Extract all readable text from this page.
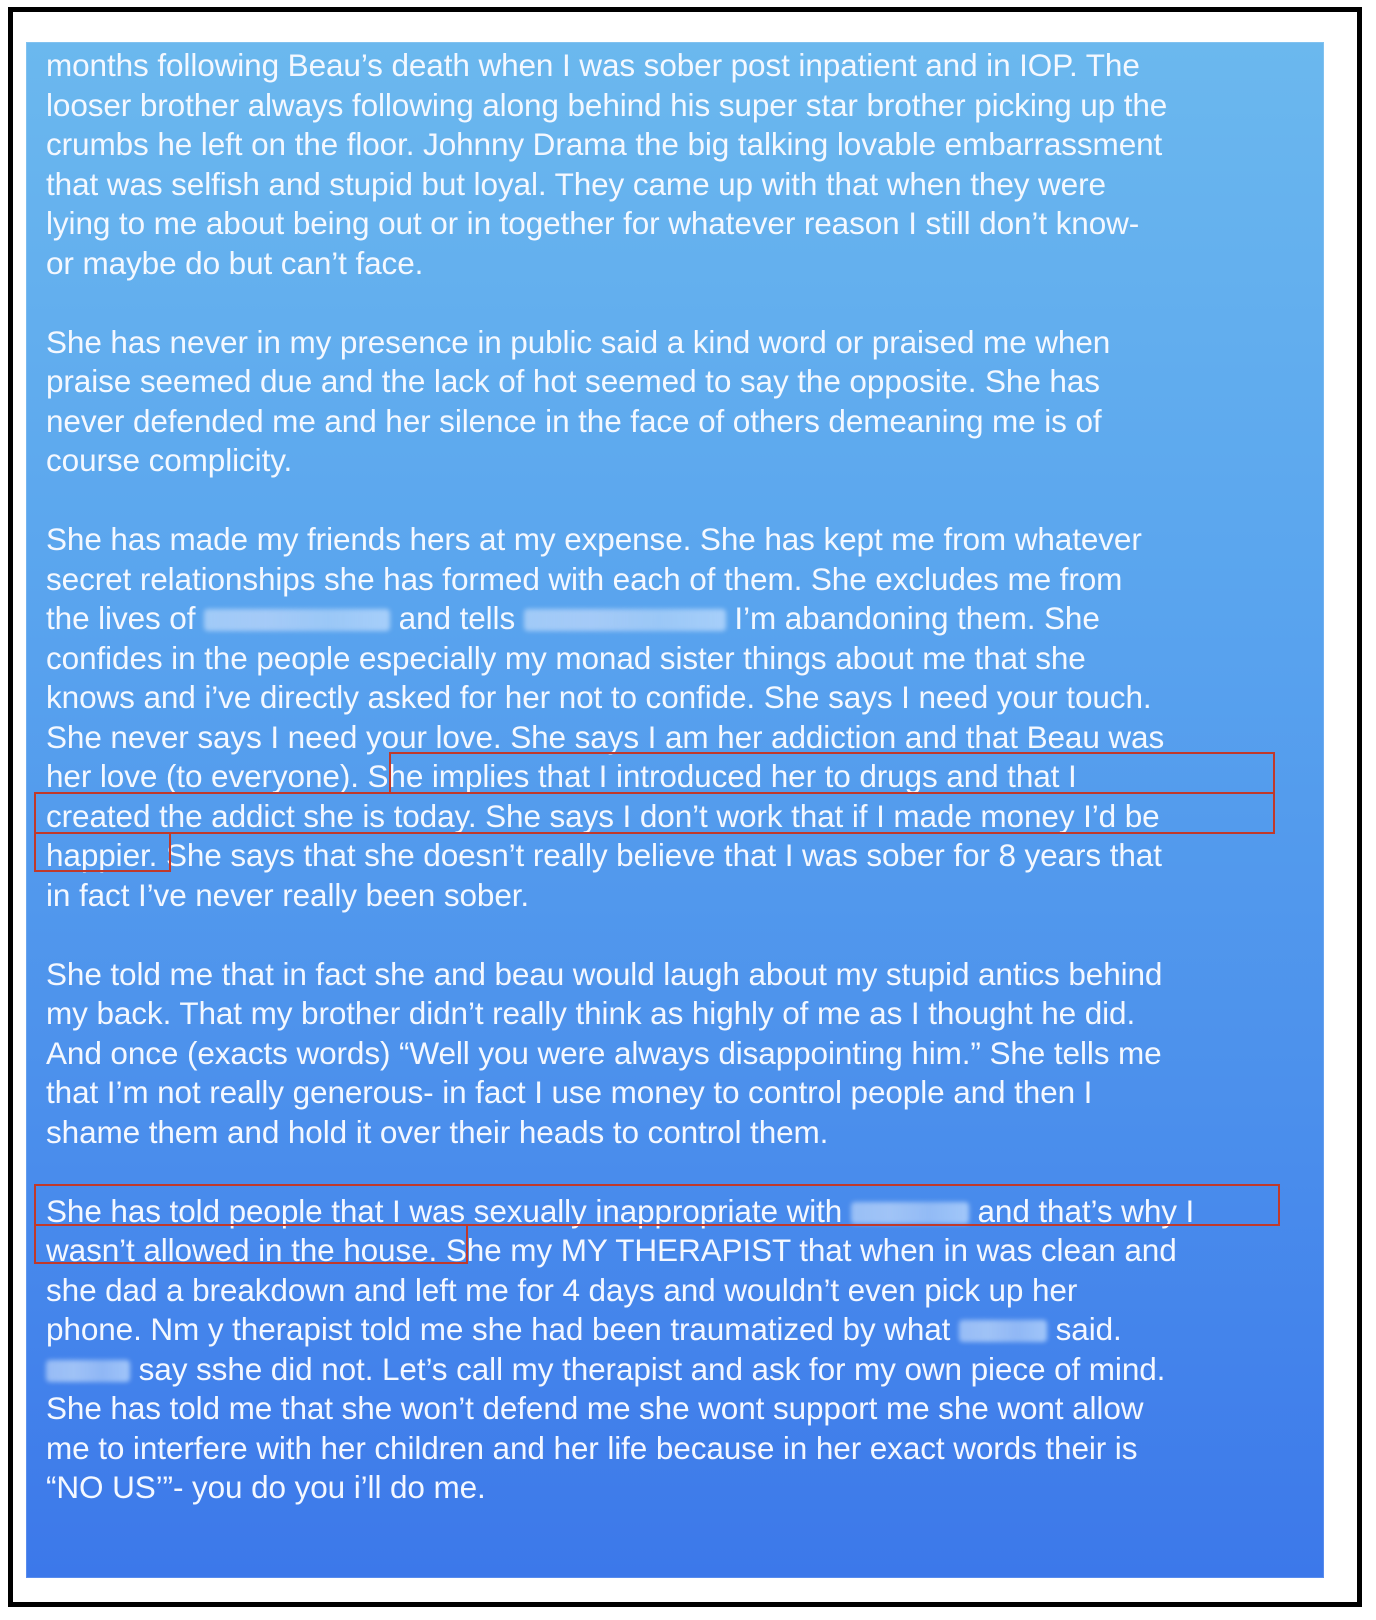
months following Beau’s death when I was sober post inpatient and in IOP. The
looser brother always following along behind his super star brother picking up the
crumbs he left on the floor. Johnny Drama the big talking lovable embarrassment
that was selfish and stupid but loyal. They came up with that when they were
lying to me about being out or in together for whatever reason I still don’t know-
or maybe do but can’t face.
She has never in my presence in public said a kind word or praised me when
praise seemed due and the lack of hot seemed to say the opposite. She has
never defended me and her silence in the face of others demeaning me is of
course complicity.
She has made my friends hers at my expense. She has kept me from whatever
secret relationships she has formed with each of them. She excludes me from
the lives of	and tells	I’m abandoning them. She
confides in the people especially my monad sister things about me that she
knows and i’ve directly asked for her not to confide. She says I need your touch.
She never says I need your love. She says I am her addiction and that Beau was
her love (to everyone). She implies that I introduced her to drugs and that I
created the addict she is today. She says I don’t work that if I made money I’d be
happier. She says that she doesn’t really believe that I was sober for 8 years that
in fact I’ve never really been sober.
She told me that in fact she and beau would laugh about my stupid antics behind
my back. That my brother didn’t really think as highly of me as I thought he did.
And once (exacts words) “Well you were always disappointing him.” She tells me
that I’m not really generous- in fact I use money to control people and then I
shame them and hold it over their heads to control them.
She has told people that I was sexually inappropriate with	and that’s why I
wasn’t allowed in the house. She my MY THERAPIST that when in was clean and
she dad a breakdown and left me for 4 days and wouldn’t even pick up her
phone. Nm y therapist told me she had been traumatized by what	said.
say sshe did not. Let’s call my therapist and ask for my own piece of mind.
She has told me that she won’t defend me she wont support me she wont allow
me to interfere with her children and her life because in her exact words their is
“NO US’”- you do you i’ll do me.
